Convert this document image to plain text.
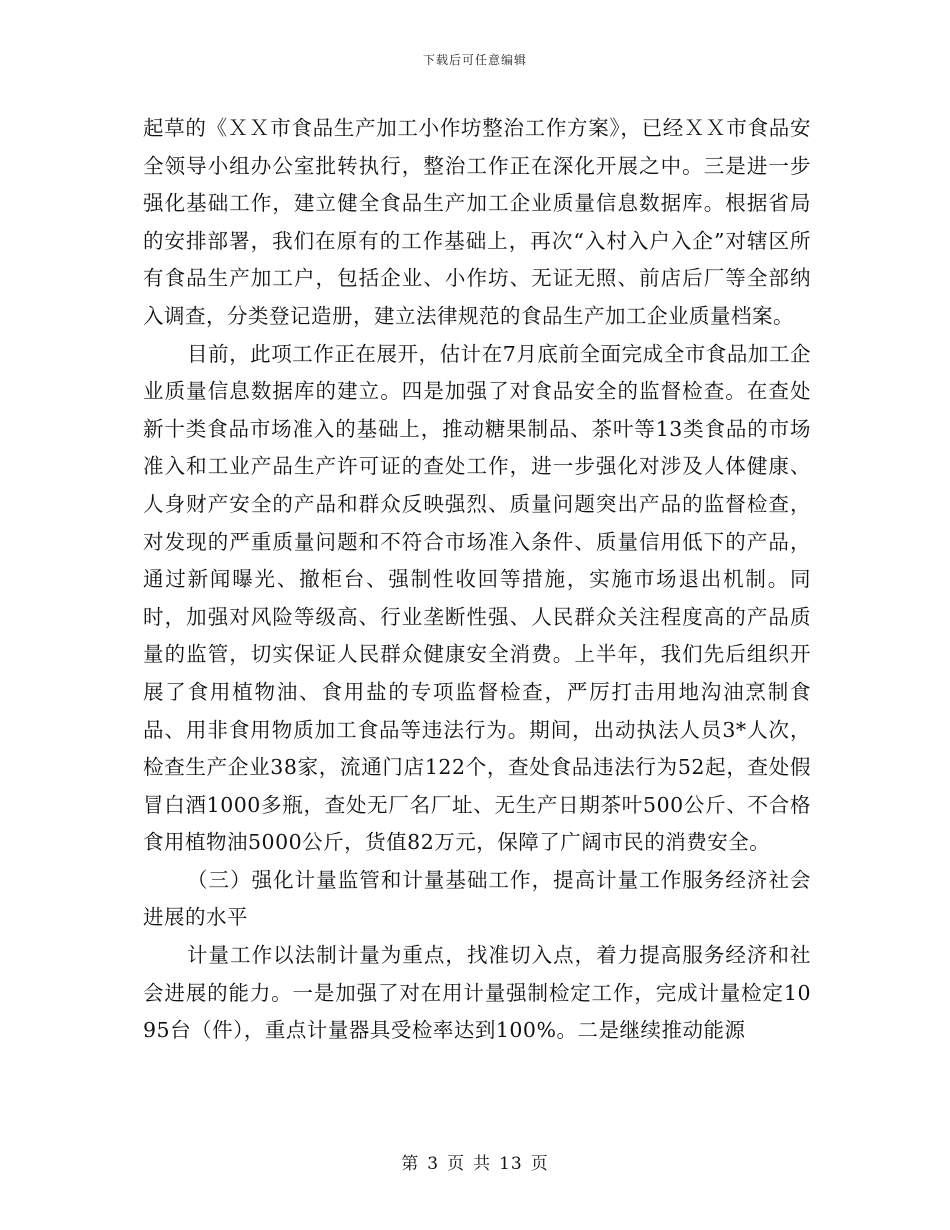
下载后可任意编辑

起草的《ＸＸ市食品生产加工小作坊整治工作方案》，已经ＸＸ市食品安全领导小组办公室批转执行，整治工作正在深化开展之中。三是进一步强化基础工作，建立健全食品生产加工企业质量信息数据库。根据省局的安排部署，我们在原有的工作基础上，再次“入村入户入企”对辖区所有食品生产加工户，包括企业、小作坊、无证无照、前店后厂等全部纳入调查，分类登记造册，建立法律规范的食品生产加工企业质量档案。

目前，此项工作正在展开，估计在7月底前全面完成全市食品加工企业质量信息数据库的建立。四是加强了对食品安全的监督检查。在查处新十类食品市场准入的基础上，推动糖果制品、茶叶等13类食品的市场准入和工业产品生产许可证的查处工作，进一步强化对涉及人体健康、人身财产安全的产品和群众反映强烈、质量问题突出产品的监督检查，对发现的严重质量问题和不符合市场准入条件、质量信用低下的产品，通过新闻曝光、撤柜台、强制性收回等措施，实施市场退出机制。同时，加强对风险等级高、行业垄断性强、人民群众关注程度高的产品质量的监管，切实保证人民群众健康安全消费。上半年，我们先后组织开展了食用植物油、食用盐的专项监督检查，严厉打击用地沟油烹制食品、用非食用物质加工食品等违法行为。期间，出动执法人员3*人次，检查生产企业38家，流通门店122个，查处食品违法行为52起，查处假冒白酒1000多瓶，查处无厂名厂址、无生产日期茶叶500公斤、不合格食用植物油5000公斤，货值82万元，保障了广阔市民的消费安全。

（三）强化计量监管和计量基础工作，提高计量工作服务经济社会进展的水平

计量工作以法制计量为重点，找准切入点，着力提高服务经济和社会进展的能力。一是加强了对在用计量强制检定工作，完成计量检定1095台（件），重点计量器具受检率达到100%。二是继续推动能源

第 3 页 共 13 页
